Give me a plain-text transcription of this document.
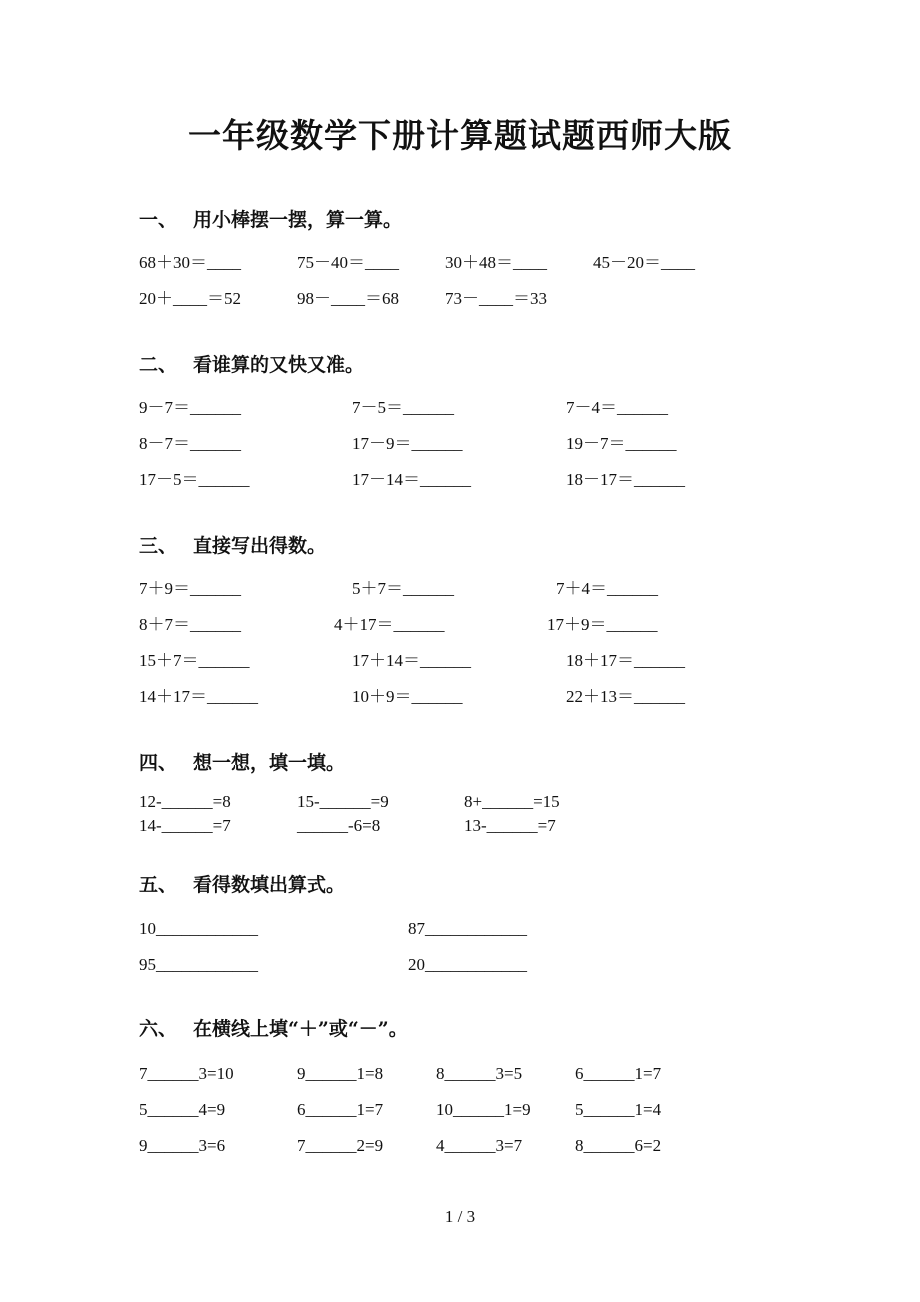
一年级数学下册计算题试题西师大版
一、 用小棒摆一摆，算一算。
68＋30＝____	75－40＝____	30＋48＝____	45－20＝____
20＋____＝52	98－____＝68	73－____＝33
二、 看谁算的又快又准。
9－7＝______	7－5＝______	7－4＝______
8－7＝______	17－9＝______	19－7＝______
17－5＝______	17－14＝______	18－17＝______
三、 直接写出得数。
7＋9＝______	5＋7＝______	7＋4＝______
8＋7＝______	4＋17＝______	17＋9＝______
15＋7＝______	17＋14＝______	18＋17＝______
14＋17＝______	10＋9＝______	22＋13＝______
四、 想一想，填一填。
12-______=8	15-______=9	8+______=15
14-______=7	______-6=8	13-______=7
五、 看得数填出算式。
10____________	87____________
95____________	20____________
六、 在横线上填“＋”或“－”。
7______3=10	9______1=8	8______3=5	6______1=7
5______4=9	6______1=7	10______1=9	5______1=4
9______3=6	7______2=9	4______3=7	8______6=2
1 / 3
